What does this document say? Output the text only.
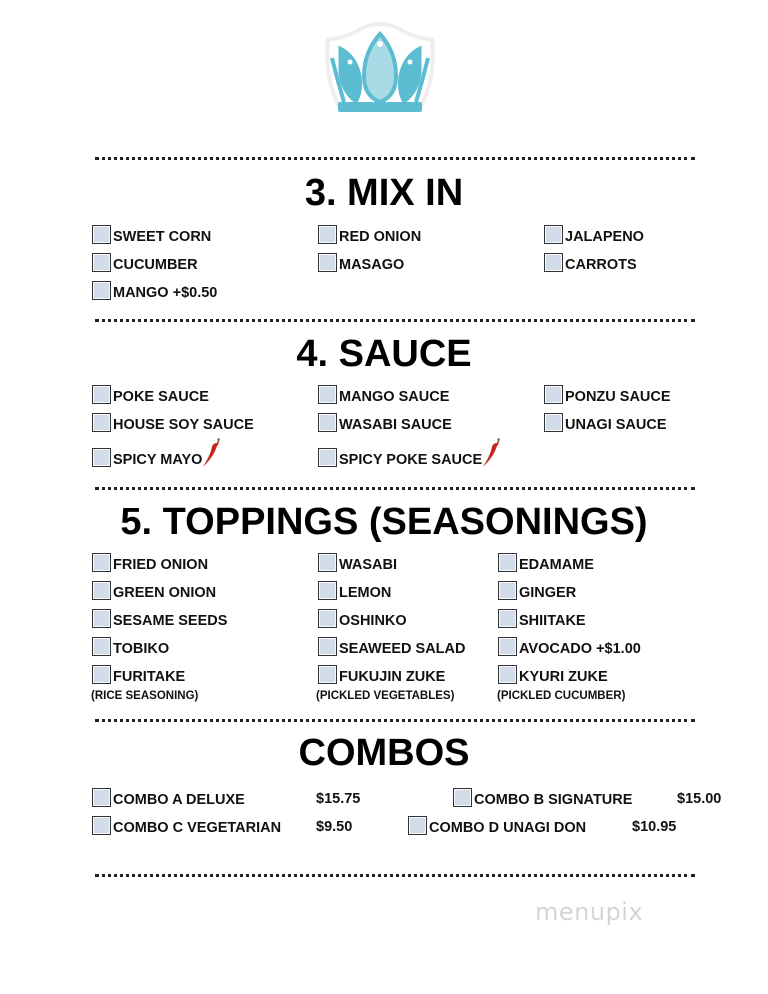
3. MIX IN
SWEET CORN	RED ONION	JALAPENO
CUCUMBER	MASAGO	CARROTS
MANGO +$0.50
4. SAUCE
POKE SAUCE	MANGO SAUCE	PONZU SAUCE
HOUSE SOY SAUCE	WASABI SAUCE	UNAGI SAUCE
SPICY MAYO	SPICY POKE SAUCE
5. TOPPINGS (SEASONINGS)
FRIED ONION	WASABI	EDAMAME
GREEN ONION	LEMON	GINGER
SESAME SEEDS	OSHINKO	SHIITAKE
TOBIKO	SEAWEED SALAD	AVOCADO +$1.00
FURITAKE	FUKUJIN ZUKE	KYURI ZUKE
(RICE SEASONING)	(PICKLED VEGETABLES)	(PICKLED CUCUMBER)
COMBOS
COMBO A DELUXE	$15.75	COMBO B SIGNATURE	$15.00
COMBO C VEGETARIAN $9.50	COMBO D UNAGI DON	$10.95
menupix
